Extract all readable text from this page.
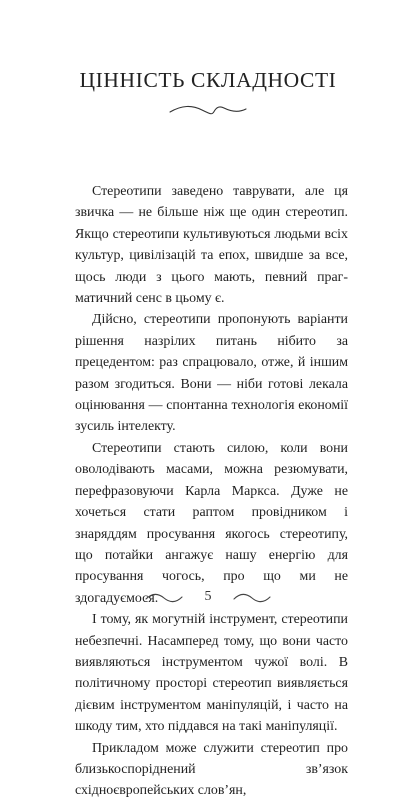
ЦІННІСТЬ СКЛАДНОСТІ

Стереотипи заведено таврувати, але ця звичка — не більше ніж ще один стереотип. Якщо стереотипи культивуються людьми всіх культур, цивілізацій та епох, швидше за все, щось люди з цього мають, певний прагматичний сенс в цьому є.

Дійсно, стереотипи пропонують варіанти рішення назрілих питань нібито за прецедентом: раз спрацювало, отже, й іншим разом згодиться. Вони — ніби готові лекала оцінювання — спонтанна технологія економії зусиль інтелекту.

Стереотипи стають силою, коли вони оволодівають масами, можна резюмувати, перефразовуючи Карла Маркса. Дуже не хочеться стати раптом провідником і знаряддям просування якогось стереотипу, що потайки ангажує нашу енергію для просування чогось, про що ми не здогадуємося.

І тому, як могутній інструмент, стереотипи небезпечні. Насамперед тому, що вони часто виявляються інструментом чужої волі. В політичному просторі стереотип виявляється дієвим інструментом маніпуляцій, і часто на шкоду тим, хто піддався на такі маніпуляції.

Прикладом може служити стереотип про близькоспоріднений зв’язок східноєвропейських слов’ян,

5
